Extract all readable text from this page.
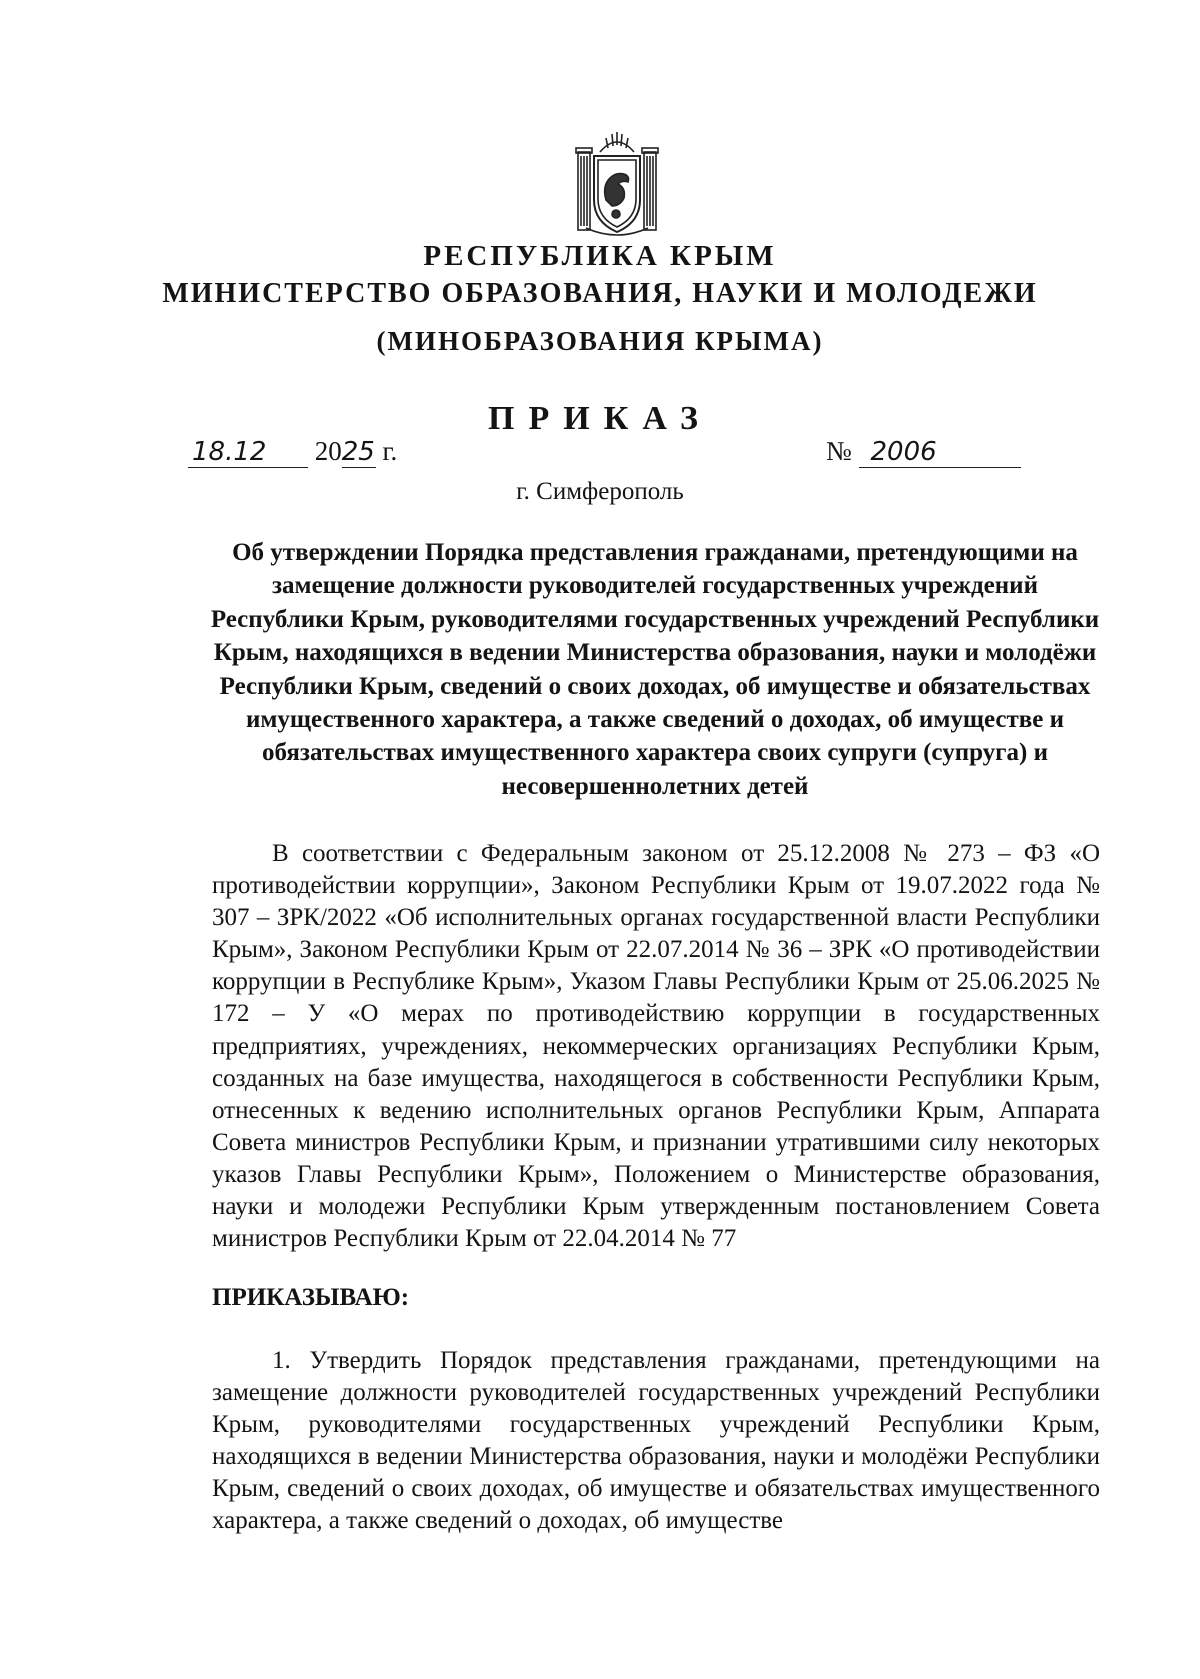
РЕСПУБЛИКА КРЫМ
МИНИСТЕРСТВО ОБРАЗОВАНИЯ, НАУКИ И МОЛОДЕЖИ
(МИНОБРАЗОВАНИЯ КРЫМА)
ПРИКАЗ
18.12 2025 г.	№ 2006
г. Симферополь

Об утверждении Порядка представления гражданами, претендующими на замещение должности руководителей государственных учреждений Республики Крым, руководителями государственных учреждений Республики Крым, находящихся в ведении Министерства образования, науки и молодёжи Республики Крым, сведений о своих доходах, об имуществе и обязательствах имущественного характера, а также сведений о доходах, об имуществе и обязательствах имущественного характера своих супруги (супруга) и несовершеннолетних детей

В соответствии с Федеральным законом от 25.12.2008 № 273 – ФЗ «О противодействии коррупции», Законом Республики Крым от 19.07.2022 года № 307 – ЗРК/2022 «Об исполнительных органах государственной власти Республики Крым», Законом Республики Крым от 22.07.2014 № 36 – ЗРК «О противодействии коррупции в Республике Крым», Указом Главы Республики Крым от 25.06.2025 № 172 – У «О мерах по противодействию коррупции в государственных предприятиях, учреждениях, некоммерческих организациях Республики Крым, созданных на базе имущества, находящегося в собственности Республики Крым, отнесенных к ведению исполнительных органов Республики Крым, Аппарата Совета министров Республики Крым, и признании утратившими силу некоторых указов Главы Республики Крым», Положением о Министерстве образования, науки и молодежи Республики Крым утвержденным постановлением Совета министров Республики Крым от 22.04.2014 № 77

ПРИКАЗЫВАЮ:

1. Утвердить Порядок представления гражданами, претендующими на замещение должности руководителей государственных учреждений Республики Крым, руководителями государственных учреждений Республики Крым, находящихся в ведении Министерства образования, науки и молодёжи Республики Крым, сведений о своих доходах, об имуществе и обязательствах имущественного характера, а также сведений о доходах, об имуществе
